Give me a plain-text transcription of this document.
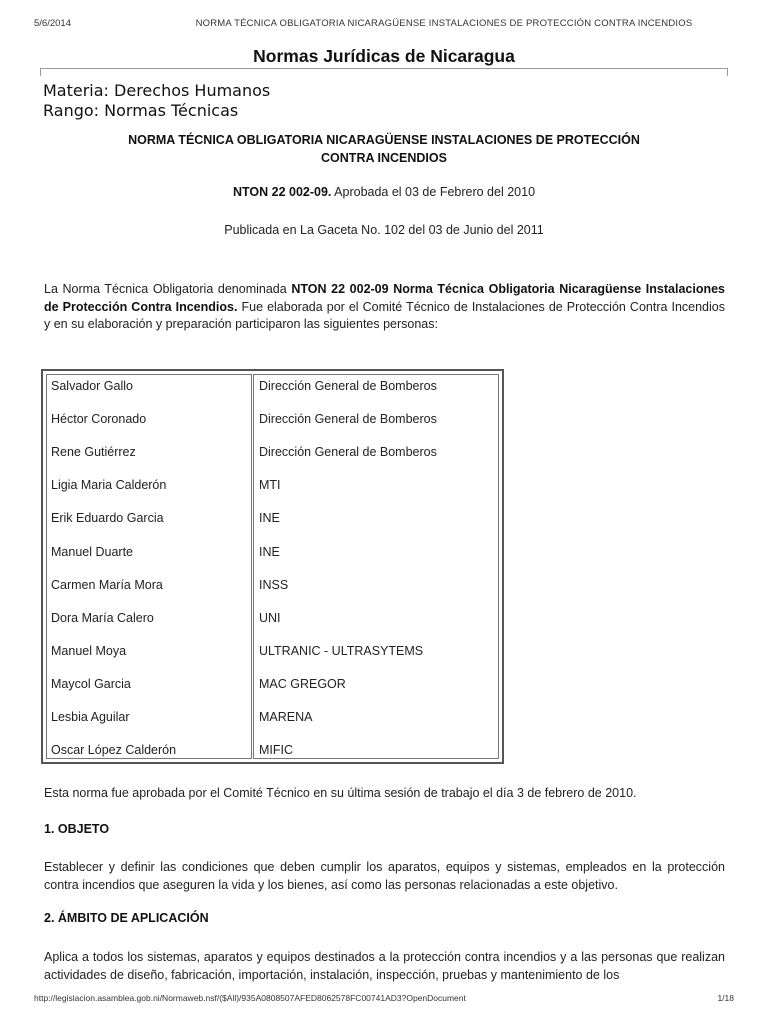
5/6/2014	NORMA TÉCNICA OBLIGATORIA NICARAGÜENSE INSTALACIONES DE PROTECCIÓN CONTRA INCENDIOS
Normas Jurídicas de Nicaragua
Materia: Derechos Humanos
Rango: Normas Técnicas
NORMA TÉCNICA OBLIGATORIA NICARAGÜENSE INSTALACIONES DE PROTECCIÓN
CONTRA INCENDIOS
NTON 22 002-09. Aprobada el 03 de Febrero del 2010
Publicada en La Gaceta No. 102 del 03 de Junio del 2011
La Norma Técnica Obligatoria denominada NTON 22 002-09 Norma Técnica Obligatoria Nicaragüense Instalaciones de Protección Contra Incendios. Fue elaborada por el Comité Técnico de Instalaciones de Protección Contra Incendios y en su elaboración y preparación participaron las siguientes personas:
Salvador Gallo	Dirección General de Bomberos
Héctor Coronado	Dirección General de Bomberos
Rene Gutiérrez	Dirección General de Bomberos
Ligia Maria Calderón	MTI
Erik Eduardo Garcia	INE
Manuel Duarte	INE
Carmen María Mora	INSS
Dora María Calero	UNI
Manuel Moya	ULTRANIC - ULTRASYTEMS
Maycol Garcia	MAC GREGOR
Lesbia Aguilar	MARENA
Oscar López Calderón	MIFIC
Esta norma fue aprobada por el Comité Técnico en su última sesión de trabajo el día 3 de febrero de 2010.
1. OBJETO
Establecer y definir las condiciones que deben cumplir los aparatos, equipos y sistemas, empleados en la protección contra incendios que aseguren la vida y los bienes, así como las personas relacionadas a este objetivo.
2. ÁMBITO DE APLICACIÓN
Aplica a todos los sistemas, aparatos y equipos destinados a la protección contra incendios y a las personas que realizan actividades de diseño, fabricación, importación, instalación, inspección, pruebas y mantenimiento de los
http://legislacion.asamblea.gob.ni/Normaweb.nsf/($All)/935A0808507AFED8062578FC00741AD3?OpenDocument	1/18
